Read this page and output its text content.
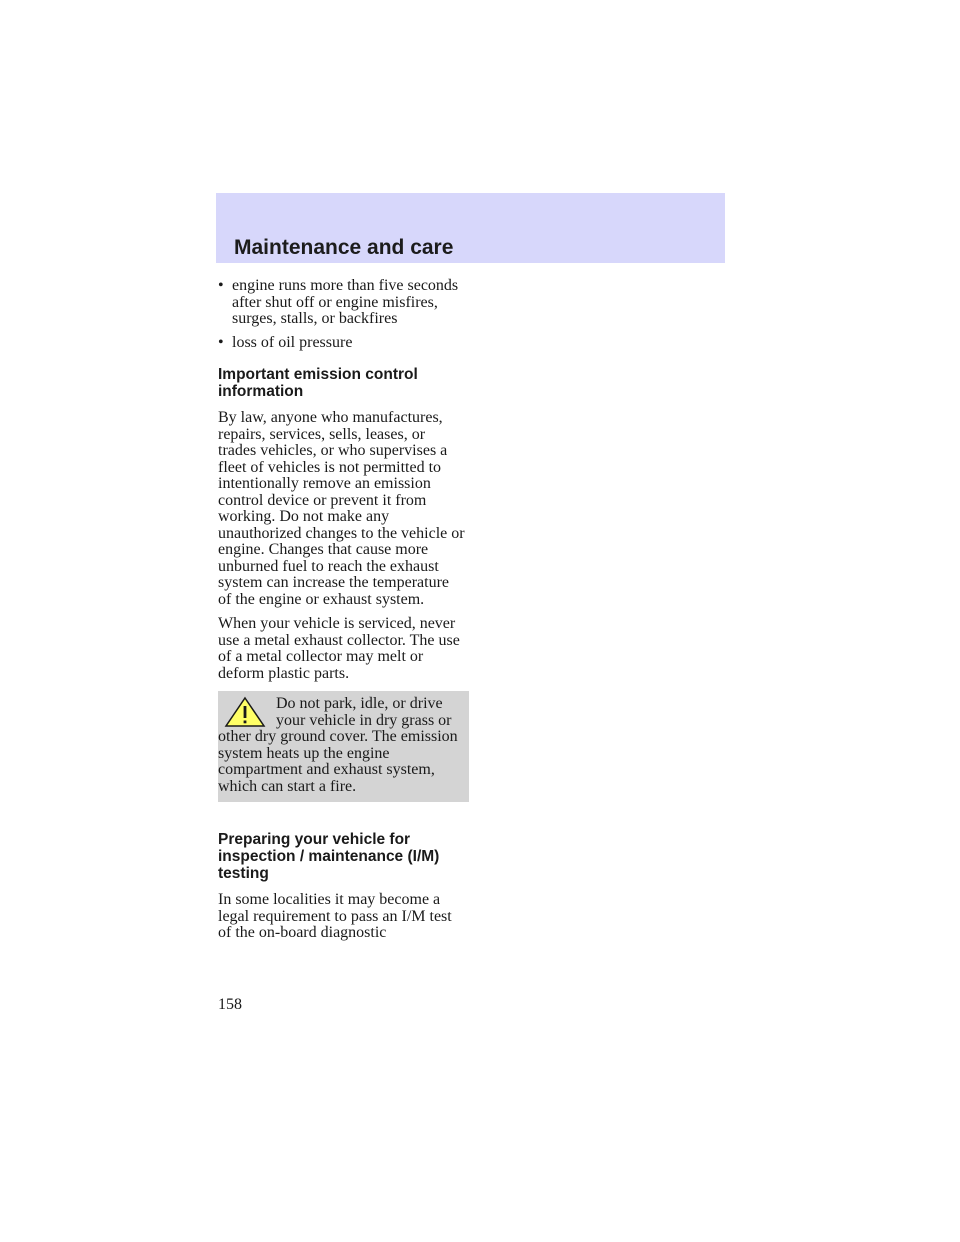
Maintenance and care
• engine runs more than five seconds after shut off or engine misfires, surges, stalls, or backfires
• loss of oil pressure
Important emission control information

By law, anyone who manufactures, repairs, services, sells, leases, or trades vehicles, or who supervises a fleet of vehicles is not permitted to intentionally remove an emission control device or prevent it from working. Do not make any unauthorized changes to the vehicle or engine. Changes that cause more unburned fuel to reach the exhaust system can increase the temperature of the engine or exhaust system.

When your vehicle is serviced, never use a metal exhaust collector. The use of a metal collector may melt or deform plastic parts.

Do not park, idle, or drive your vehicle in dry grass or other dry ground cover. The emission system heats up the engine compartment and exhaust system, which can start a fire.
Preparing your vehicle for inspection / maintenance (I/M) testing

In some localities it may become a legal requirement to pass an I/M test of the on-board diagnostic

158
